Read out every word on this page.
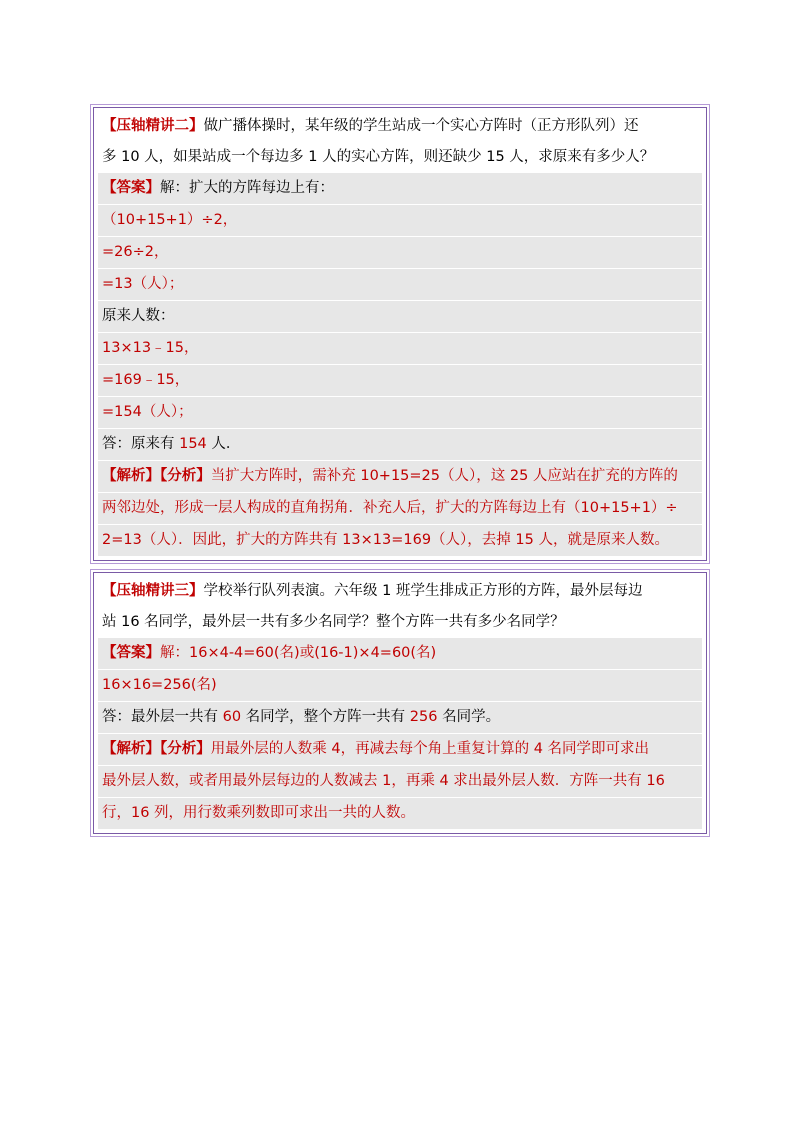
【压轴精讲二】做广播体操时，某年级的学生站成一个实心方阵时（正方形队列）还
多 10 人，如果站成一个每边多 1 人的实心方阵，则还缺少 15 人，求原来有多少人？
【答案】解：扩大的方阵每边上有：
（10+15+1）÷2，
=26÷2，
=13（人）；
原来人数：
13×13﹣15，
=169﹣15，
=154（人）；
答：原来有 154 人．
【解析】【分析】当扩大方阵时，需补充 10+15=25（人），这 25 人应站在扩充的方阵的
两邻边处，形成一层人构成的直角拐角．补充人后，扩大的方阵每边上有（10+15+1）÷
2=13（人）．因此，扩大的方阵共有 13×13=169（人），去掉 15 人，就是原来人数。
【压轴精讲三】学校举行队列表演。六年级 1 班学生排成正方形的方阵，最外层每边
站 16 名同学，最外层一共有多少名同学？整个方阵一共有多少名同学？
【答案】解：16×4-4=60(名)或(16-1)×4=60(名)
16×16=256(名)
答：最外层一共有 60 名同学，整个方阵一共有 256 名同学。
【解析】【分析】用最外层的人数乘 4，再减去每个角上重复计算的 4 名同学即可求出
最外层人数，或者用最外层每边的人数减去 1，再乘 4 求出最外层人数．方阵一共有 16
行，16 列，用行数乘列数即可求出一共的人数。
